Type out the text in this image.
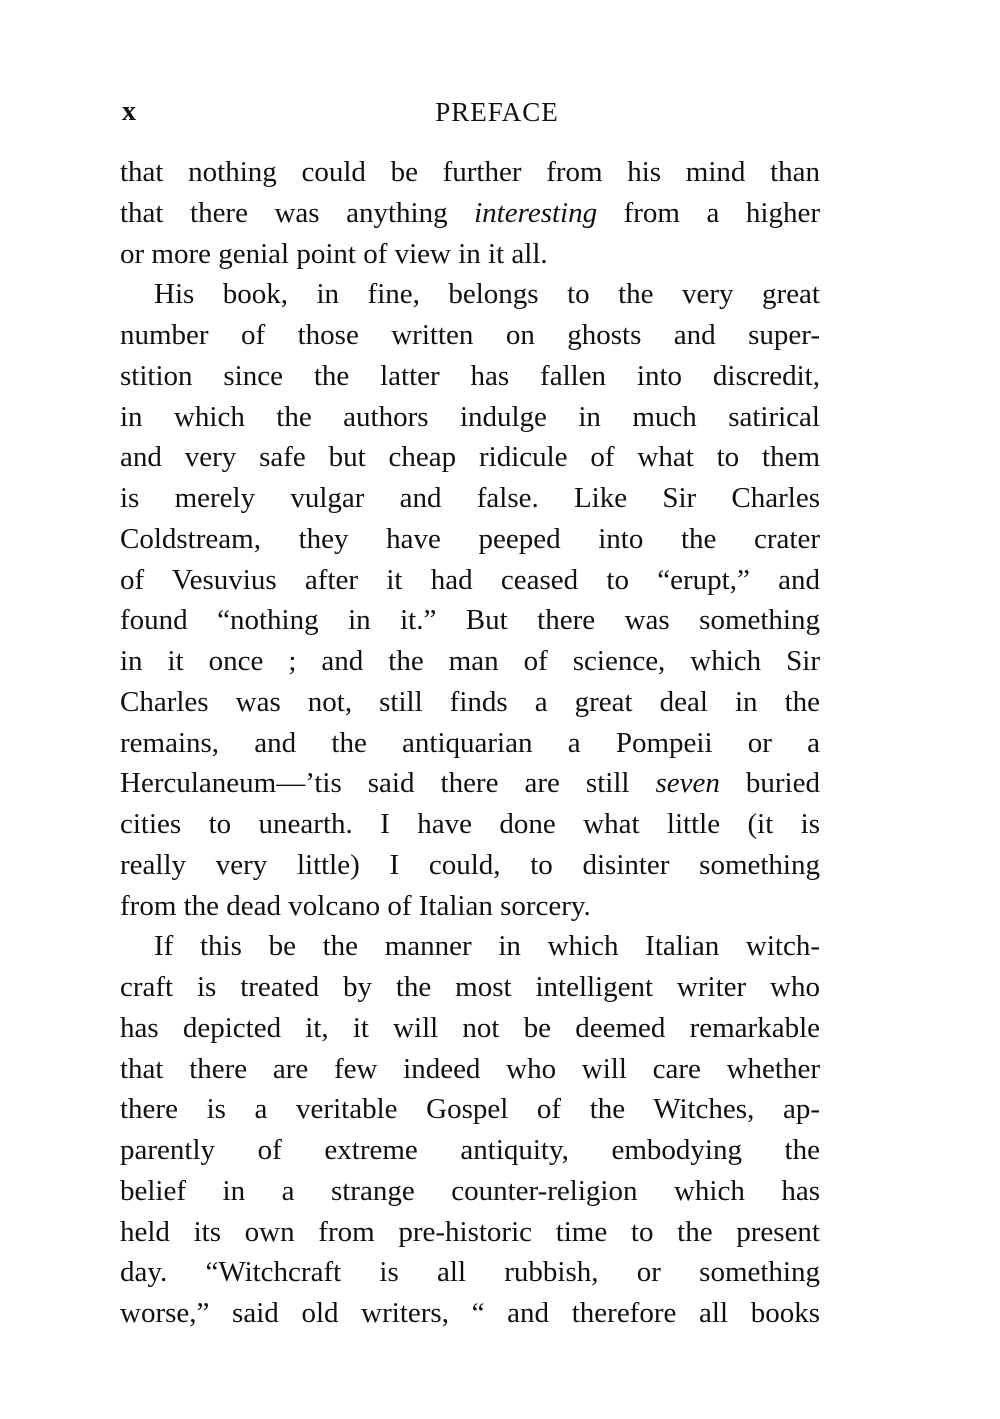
x	PREFACE
that nothing could be further from his mind than
that there was anything interesting from a higher
or more genial point of view in it all.
His book, in fine, belongs to the very great
number of those written on ghosts and super-
stition since the latter has fallen into discredit,
in which the authors indulge in much satirical
and very safe but cheap ridicule of what to them
is merely vulgar and false. Like Sir Charles
Coldstream, they have peeped into the crater
of Vesuvius after it had ceased to “erupt,” and
found “nothing in it.” But there was something
in it once ; and the man of science, which Sir
Charles was not, still finds a great deal in the
remains, and the antiquarian a Pompeii or a
Herculaneum—’tis said there are still seven buried
cities to unearth. I have done what little (it is
really very little) I could, to disinter something
from the dead volcano of Italian sorcery.
If this be the manner in which Italian witch-
craft is treated by the most intelligent writer who
has depicted it, it will not be deemed remarkable
that there are few indeed who will care whether
there is a veritable Gospel of the Witches, ap-
parently of extreme antiquity, embodying the
belief in a strange counter-religion which has
held its own from pre-historic time to the present
day. “Witchcraft is all rubbish, or something
worse,” said old writers, “ and therefore all books
